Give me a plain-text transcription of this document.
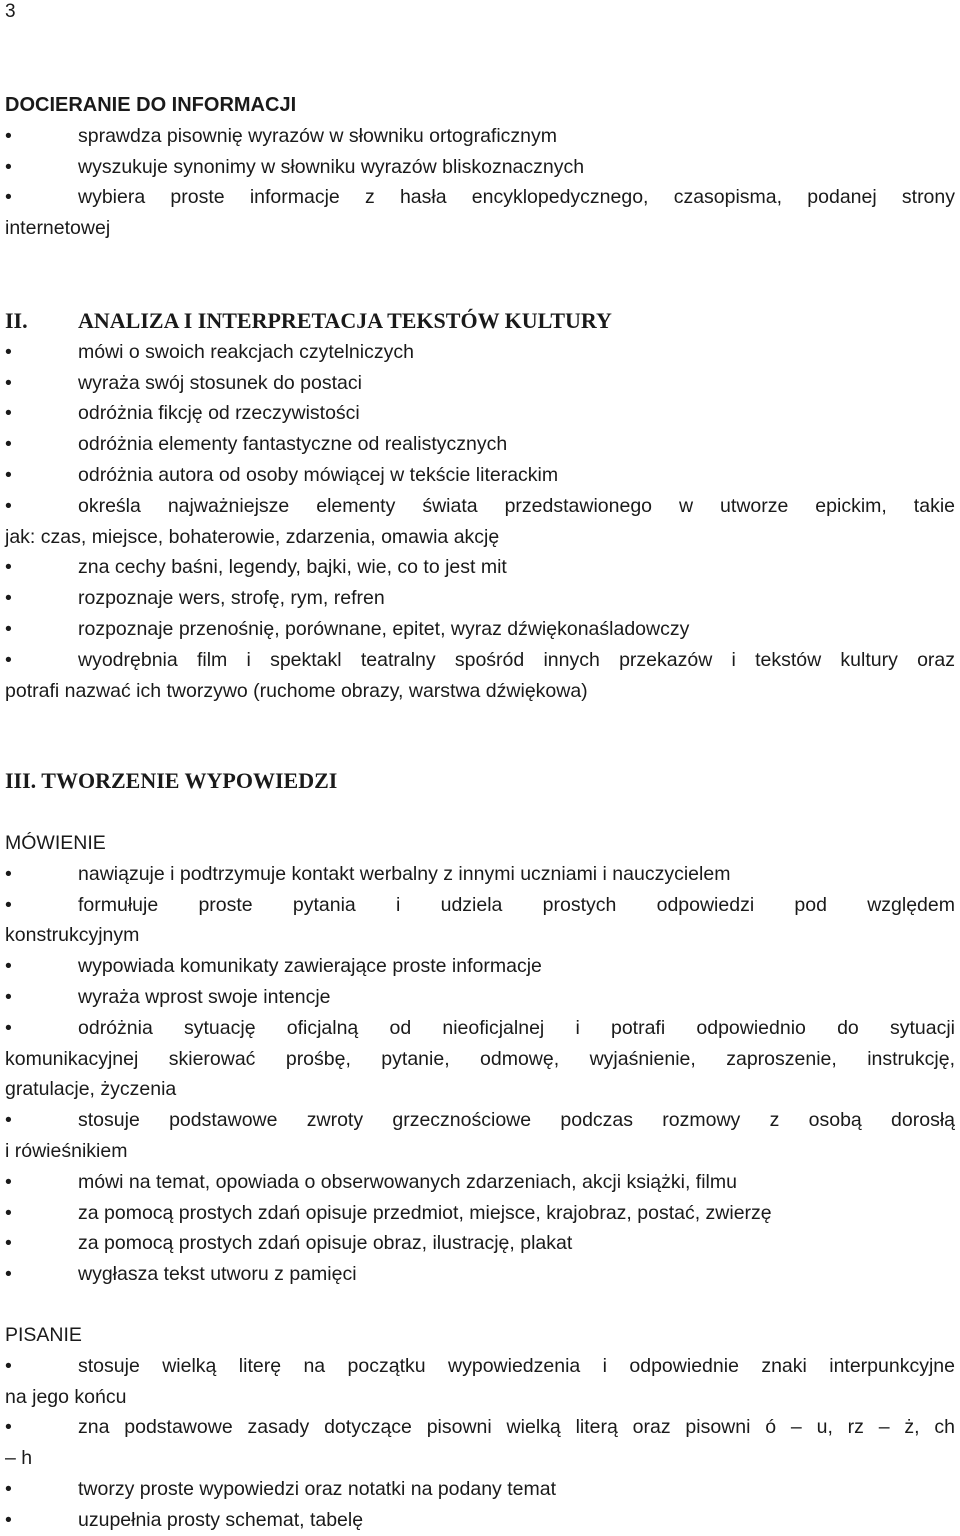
3
DOCIERANIE DO INFORMACJI
•	sprawdza pisownię wyrazów w słowniku ortograficznym
•	wyszukuje synonimy w słowniku wyrazów bliskoznacznych
•	wybiera proste informacje z hasła encyklopedycznego, czasopisma, podanej strony
internetowej
II. ANALIZA I INTERPRETACJA TEKSTÓW KULTURY
•	mówi o swoich reakcjach czytelniczych
•	wyraża swój stosunek do postaci
•	odróżnia fikcję od rzeczywistości
•	odróżnia elementy fantastyczne od realistycznych
•	odróżnia autora od osoby mówiącej w tekście literackim
•	określa najważniejsze elementy świata przedstawionego w utworze epickim, takie
jak: czas, miejsce, bohaterowie, zdarzenia, omawia akcję
•	zna cechy baśni, legendy, bajki, wie, co to jest mit
•	rozpoznaje wers, strofę, rym, refren
•	rozpoznaje przenośnię, porównane, epitet, wyraz dźwiękonaśladowczy
•	wyodrębnia film i spektakl teatralny spośród innych przekazów i tekstów kultury oraz
potrafi nazwać ich tworzywo (ruchome obrazy, warstwa dźwiękowa)
III. TWORZENIE WYPOWIEDZI
MÓWIENIE
•	nawiązuje i podtrzymuje kontakt werbalny z innymi uczniami i nauczycielem
•	formułuje proste pytania i udziela prostych odpowiedzi pod względem
konstrukcyjnym
•	wypowiada komunikaty zawierające proste informacje
•	wyraża wprost swoje intencje
•	odróżnia sytuację oficjalną od nieoficjalnej i potrafi odpowiednio do sytuacji
komunikacyjnej skierować prośbę, pytanie, odmowę, wyjaśnienie, zaproszenie, instrukcję,
gratulacje, życzenia
•	stosuje podstawowe zwroty grzecznościowe podczas rozmowy z osobą dorosłą
i rówieśnikiem
•	mówi na temat, opowiada o obserwowanych zdarzeniach, akcji książki, filmu
•	za pomocą prostych zdań opisuje przedmiot, miejsce, krajobraz, postać, zwierzę
•	za pomocą prostych zdań opisuje obraz, ilustrację, plakat
•	wygłasza tekst utworu z pamięci
PISANIE
•	stosuje wielką literę na początku wypowiedzenia i odpowiednie znaki interpunkcyjne
na jego końcu
•	zna podstawowe zasady dotyczące pisowni wielką literą oraz pisowni ó – u, rz – ż, ch
– h
•	tworzy proste wypowiedzi oraz notatki na podany temat
•	uzupełnia prosty schemat, tabelę
